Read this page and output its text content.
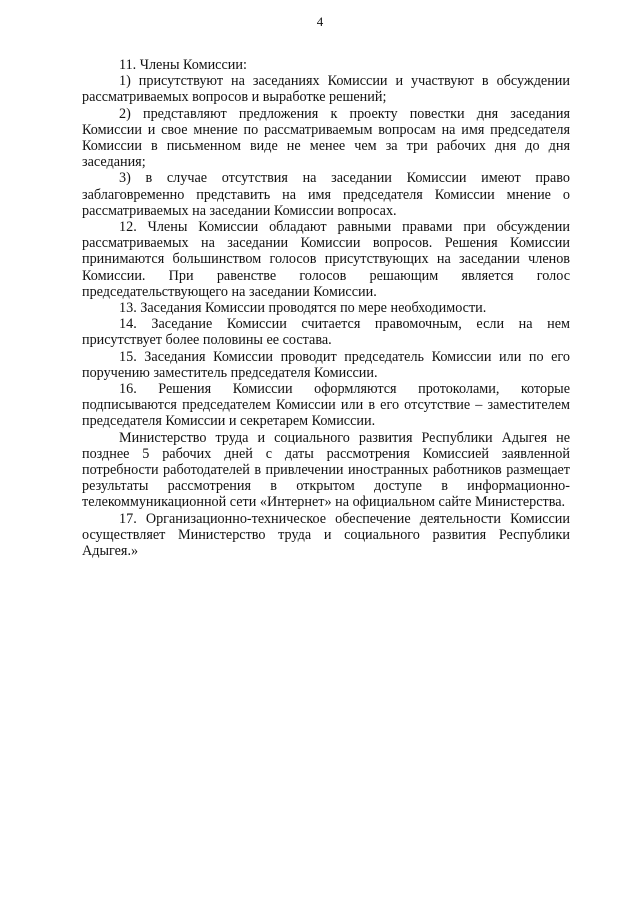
4

11. Члены Комиссии:

1) присутствуют на заседаниях Комиссии и участвуют в обсуждении рассматриваемых вопросов и выработке решений;

2) представляют предложения к проекту повестки дня заседания Комиссии и свое мнение по рассматриваемым вопросам на имя председателя Комиссии в письменном виде не менее чем за три рабочих дня до дня заседания;

3) в случае отсутствия на заседании Комиссии имеют право заблаговременно представить на имя председателя Комиссии мнение о рассматриваемых на заседании Комиссии вопросах.

12. Члены Комиссии обладают равными правами при обсуждении рассматриваемых на заседании Комиссии вопросов. Решения Комиссии принимаются большинством голосов присутствующих на заседании членов Комиссии. При равенстве голосов решающим является голос председательствующего на заседании Комиссии.

13. Заседания Комиссии проводятся по мере необходимости.

14. Заседание Комиссии считается правомочным, если на нем присутствует более половины ее состава.

15. Заседания Комиссии проводит председатель Комиссии или по его поручению заместитель председателя Комиссии.

16. Решения Комиссии оформляются протоколами, которые подписываются председателем Комиссии или в его отсутствие – заместителем председателя Комиссии и секретарем Комиссии.

Министерство труда и социального развития Республики Адыгея не позднее 5 рабочих дней с даты рассмотрения Комиссией заявленной потребности работодателей в привлечении иностранных работников размещает результаты рассмотрения в открытом доступе в информационно-телекоммуникационной сети «Интернет» на официальном сайте Министерства.

17. Организационно-техническое обеспечение деятельности Комиссии осуществляет Министерство труда и социального развития Республики Адыгея.»
